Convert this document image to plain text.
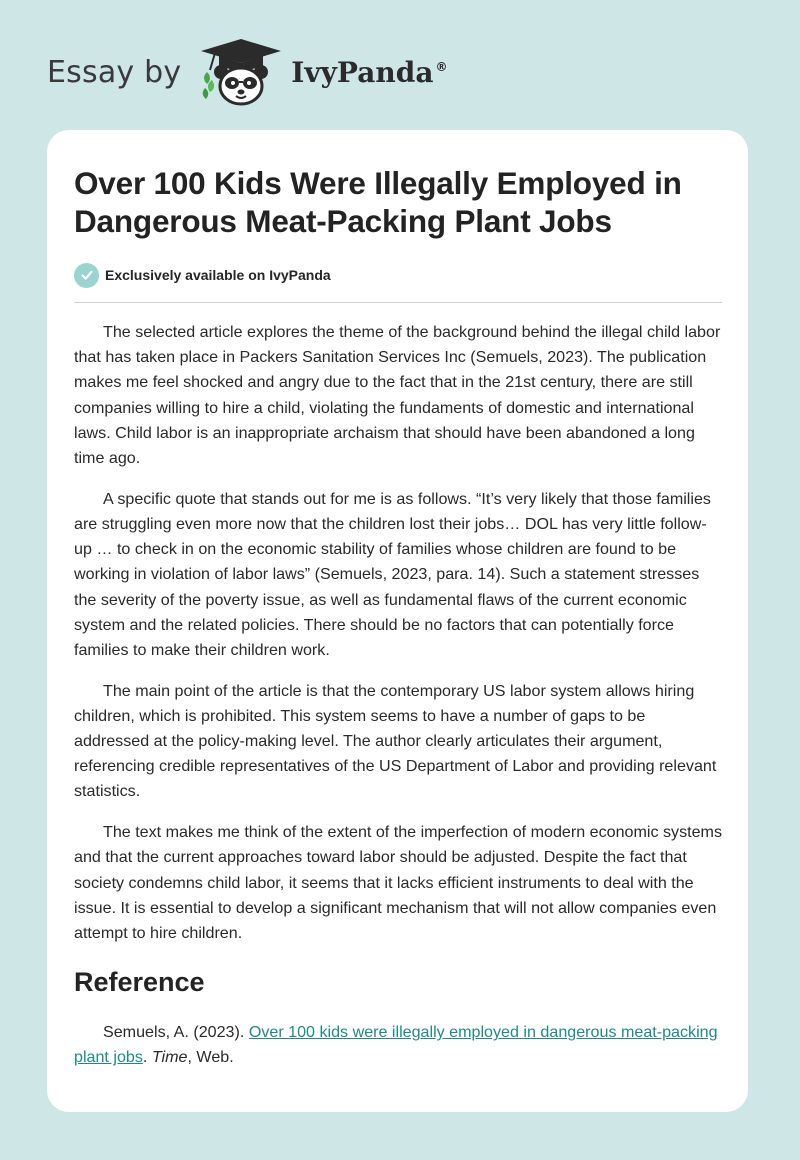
Essay by	IvyPanda ®
Over 100 Kids Were Illegally Employed in Dangerous Meat-Packing Plant Jobs
Exclusively available on IvyPanda

The selected article explores the theme of the background behind the illegal child labor that has taken place in Packers Sanitation Services Inc (Semuels, 2023). The publication makes me feel shocked and angry due to the fact that in the 21st century, there are still companies willing to hire a child, violating the fundaments of domestic and international laws. Child labor is an inappropriate archaism that should have been abandoned a long time ago.

A specific quote that stands out for me is as follows. “It’s very likely that those families are struggling even more now that the children lost their jobs… DOL has very little follow-up … to check in on the economic stability of families whose children are found to be working in violation of labor laws” (Semuels, 2023, para. 14). Such a statement stresses the severity of the poverty issue, as well as fundamental flaws of the current economic system and the related policies. There should be no factors that can potentially force families to make their children work.

The main point of the article is that the contemporary US labor system allows hiring children, which is prohibited. This system seems to have a number of gaps to be addressed at the policy-making level. The author clearly articulates their argument, referencing credible representatives of the US Department of Labor and providing relevant statistics.

The text makes me think of the extent of the imperfection of modern economic systems and that the current approaches toward labor should be adjusted. Despite the fact that society condemns child labor, it seems that it lacks efficient instruments to deal with the issue. It is essential to develop a significant mechanism that will not allow companies even attempt to hire children.

Reference
Semuels, A. (2023). Over 100 kids were illegally employed in dangerous meat-packing plant jobs. Time, Web.
